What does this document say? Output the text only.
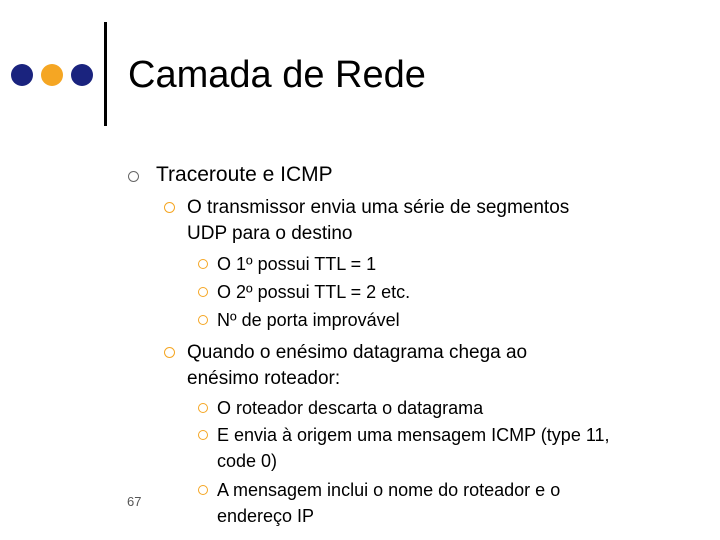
Camada de Rede
Traceroute e ICMP
O transmissor envia uma série de segmentos
UDP para o destino
O 1º possui TTL = 1
O 2º possui TTL = 2 etc.
Nº de porta improvável
Quando o enésimo datagrama chega ao
enésimo roteador:
O roteador descarta o datagrama
E envia à origem uma mensagem ICMP (type 11,
code 0)
A mensagem inclui o nome do roteador e o
endereço IP
67
